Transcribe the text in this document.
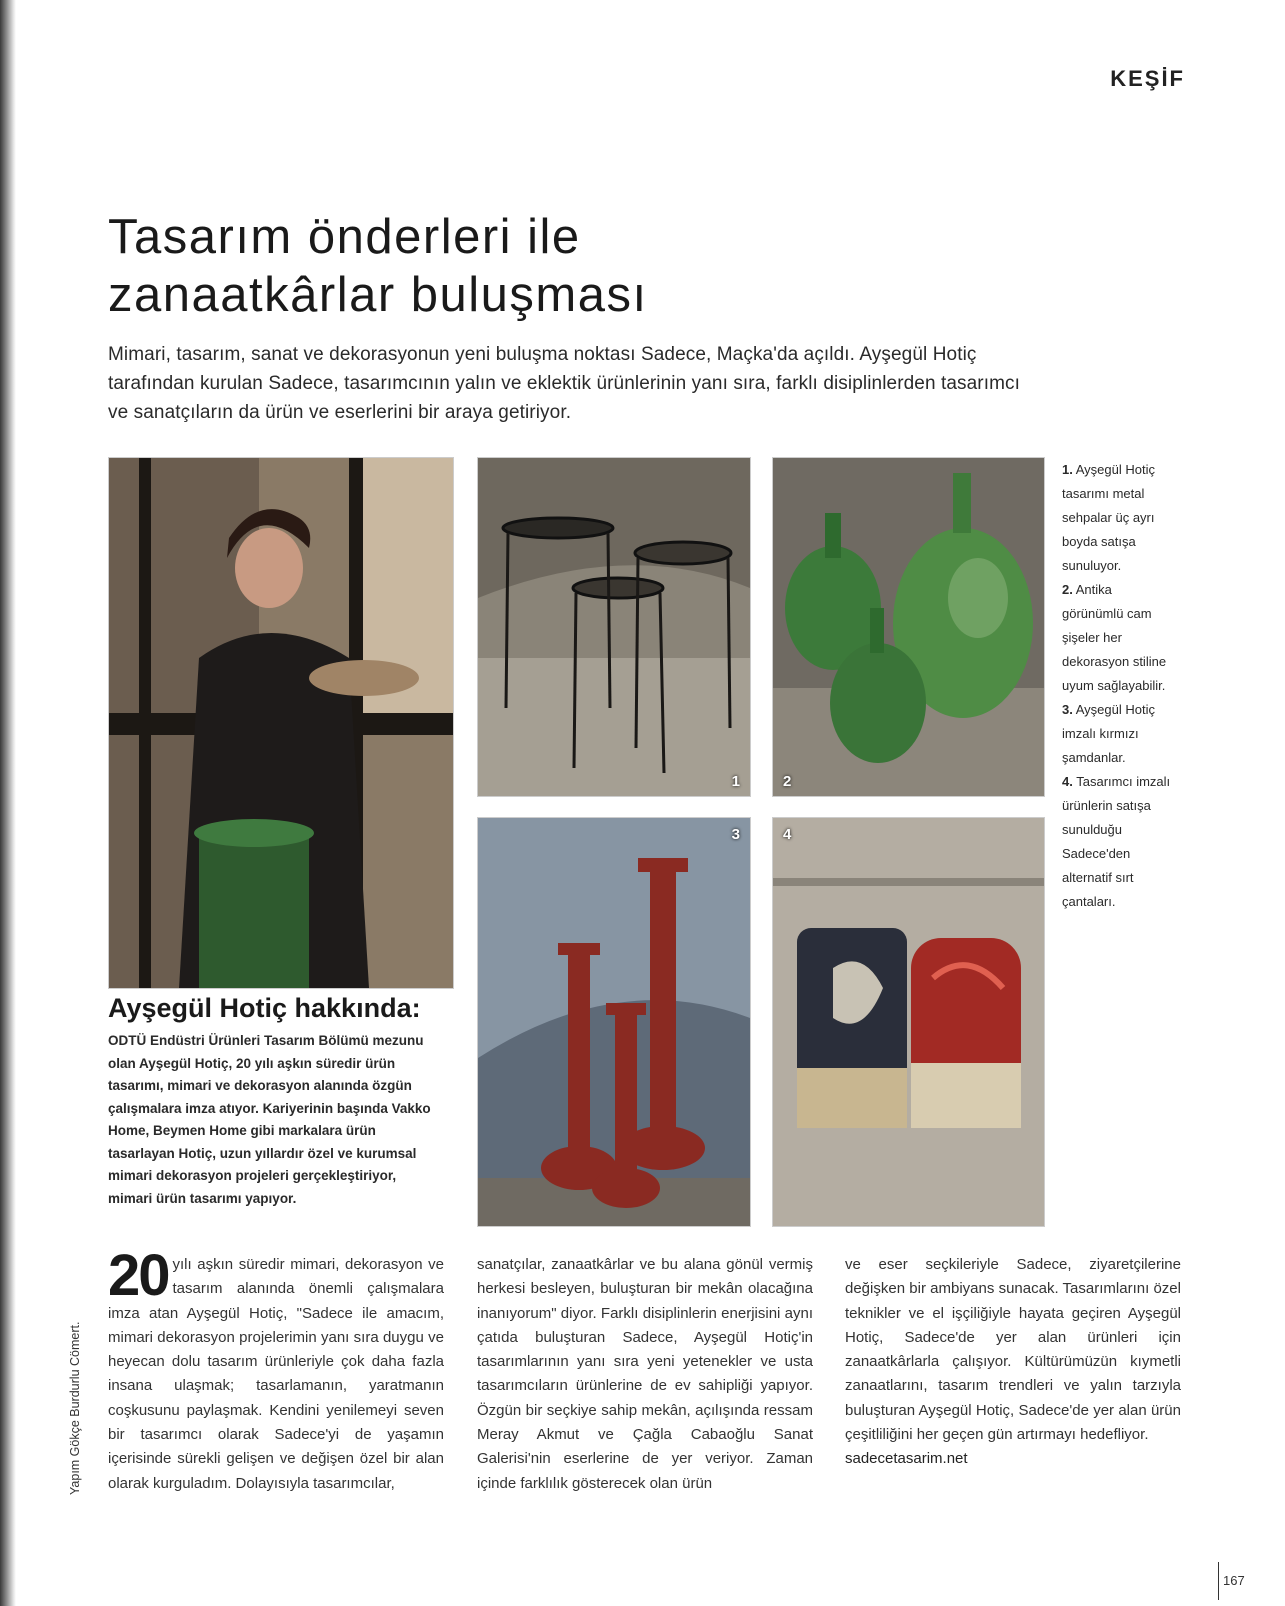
KEŞİF
Tasarım önderleri ile
zanaatkârlar buluşması

Mimari, tasarım, sanat ve dekorasyonun yeni buluşma noktası Sadece, Maçka'da açıldı. Ayşegül Hotiç tarafından kurulan Sadece, tasarımcının yalın ve eklektik ürünlerinin yanı sıra, farklı disiplinlerden tasarımcı ve sanatçıların da ürün ve eserlerini bir araya getiriyor.

1	2
3	4

1. Ayşegül Hotiç tasarımı metal sehpalar üç ayrı boyda satışa sunuluyor.

2. Antika görünümlü cam şişeler her dekorasyon stiline uyum sağlayabilir.

3. Ayşegül Hotiç imzalı kırmızı şamdanlar.

4. Tasarımcı imzalı ürünlerin satışa sunulduğu Sadece'den alternatif sırt çantaları.

Ayşegül Hotiç hakkında:

ODTÜ Endüstri Ürünleri Tasarım Bölümü mezunu olan Ayşegül Hotiç, 20 yılı aşkın süredir ürün tasarımı, mimari ve dekorasyon alanında özgün çalışmalara imza atıyor. Kariyerinin başında Vakko Home, Beymen Home gibi markalara ürün tasarlayan Hotiç, uzun yıllardır özel ve kurumsal mimari dekorasyon projeleri gerçekleştiriyor, mimari ürün tasarımı yapıyor.

20 yılı aşkın süredir mimari, dekorasyon ve tasarım alanında önemli çalışmalara imza atan Ayşegül Hotiç, "Sadece ile amacım, mimari dekorasyon projelerimin yanı sıra duygu ve heyecan dolu tasarım ürünleriyle çok daha fazla insana ulaşmak; tasarlamanın, yaratmanın coşkusunu paylaşmak. Kendini yenilemeyi seven bir tasarımcı olarak Sadece'yi de yaşamın içerisinde sürekli gelişen ve değişen özel bir alan olarak kurguladım. Dolayısıyla tasarımcılar,

sanatçılar, zanaatkârlar ve bu alana gönül vermiş herkesi besleyen, buluşturan bir mekân olacağına inanıyorum" diyor. Farklı disiplinlerin enerjisini aynı çatıda buluşturan Sadece, Ayşegül Hotiç'in tasarımlarının yanı sıra yeni yetenekler ve usta tasarımcıların ürünlerine de ev sahipliği yapıyor. Özgün bir seçkiye sahip mekân, açılışında ressam Meray Akmut ve Çağla Cabaoğlu Sanat Galerisi'nin eserlerine de yer veriyor. Zaman içinde farklılık gösterecek olan ürün

ve eser seçkileriyle Sadece, ziyaretçilerine değişken bir ambiyans sunacak. Tasarımlarını özel teknikler ve el işçiliğiyle hayata geçiren Ayşegül Hotiç, Sadece'de yer alan ürünleri için zanaatkârlarla çalışıyor. Kültürümüzün kıymetli zanaatlarını, tasarım trendleri ve yalın tarzıyla buluşturan Ayşegül Hotiç, Sadece'de yer alan ürün çeşitliliğini her geçen gün artırmayı hedefliyor.
sadecetasarim.net
Yapım Gökçe Burdurlu Cömert.
167
